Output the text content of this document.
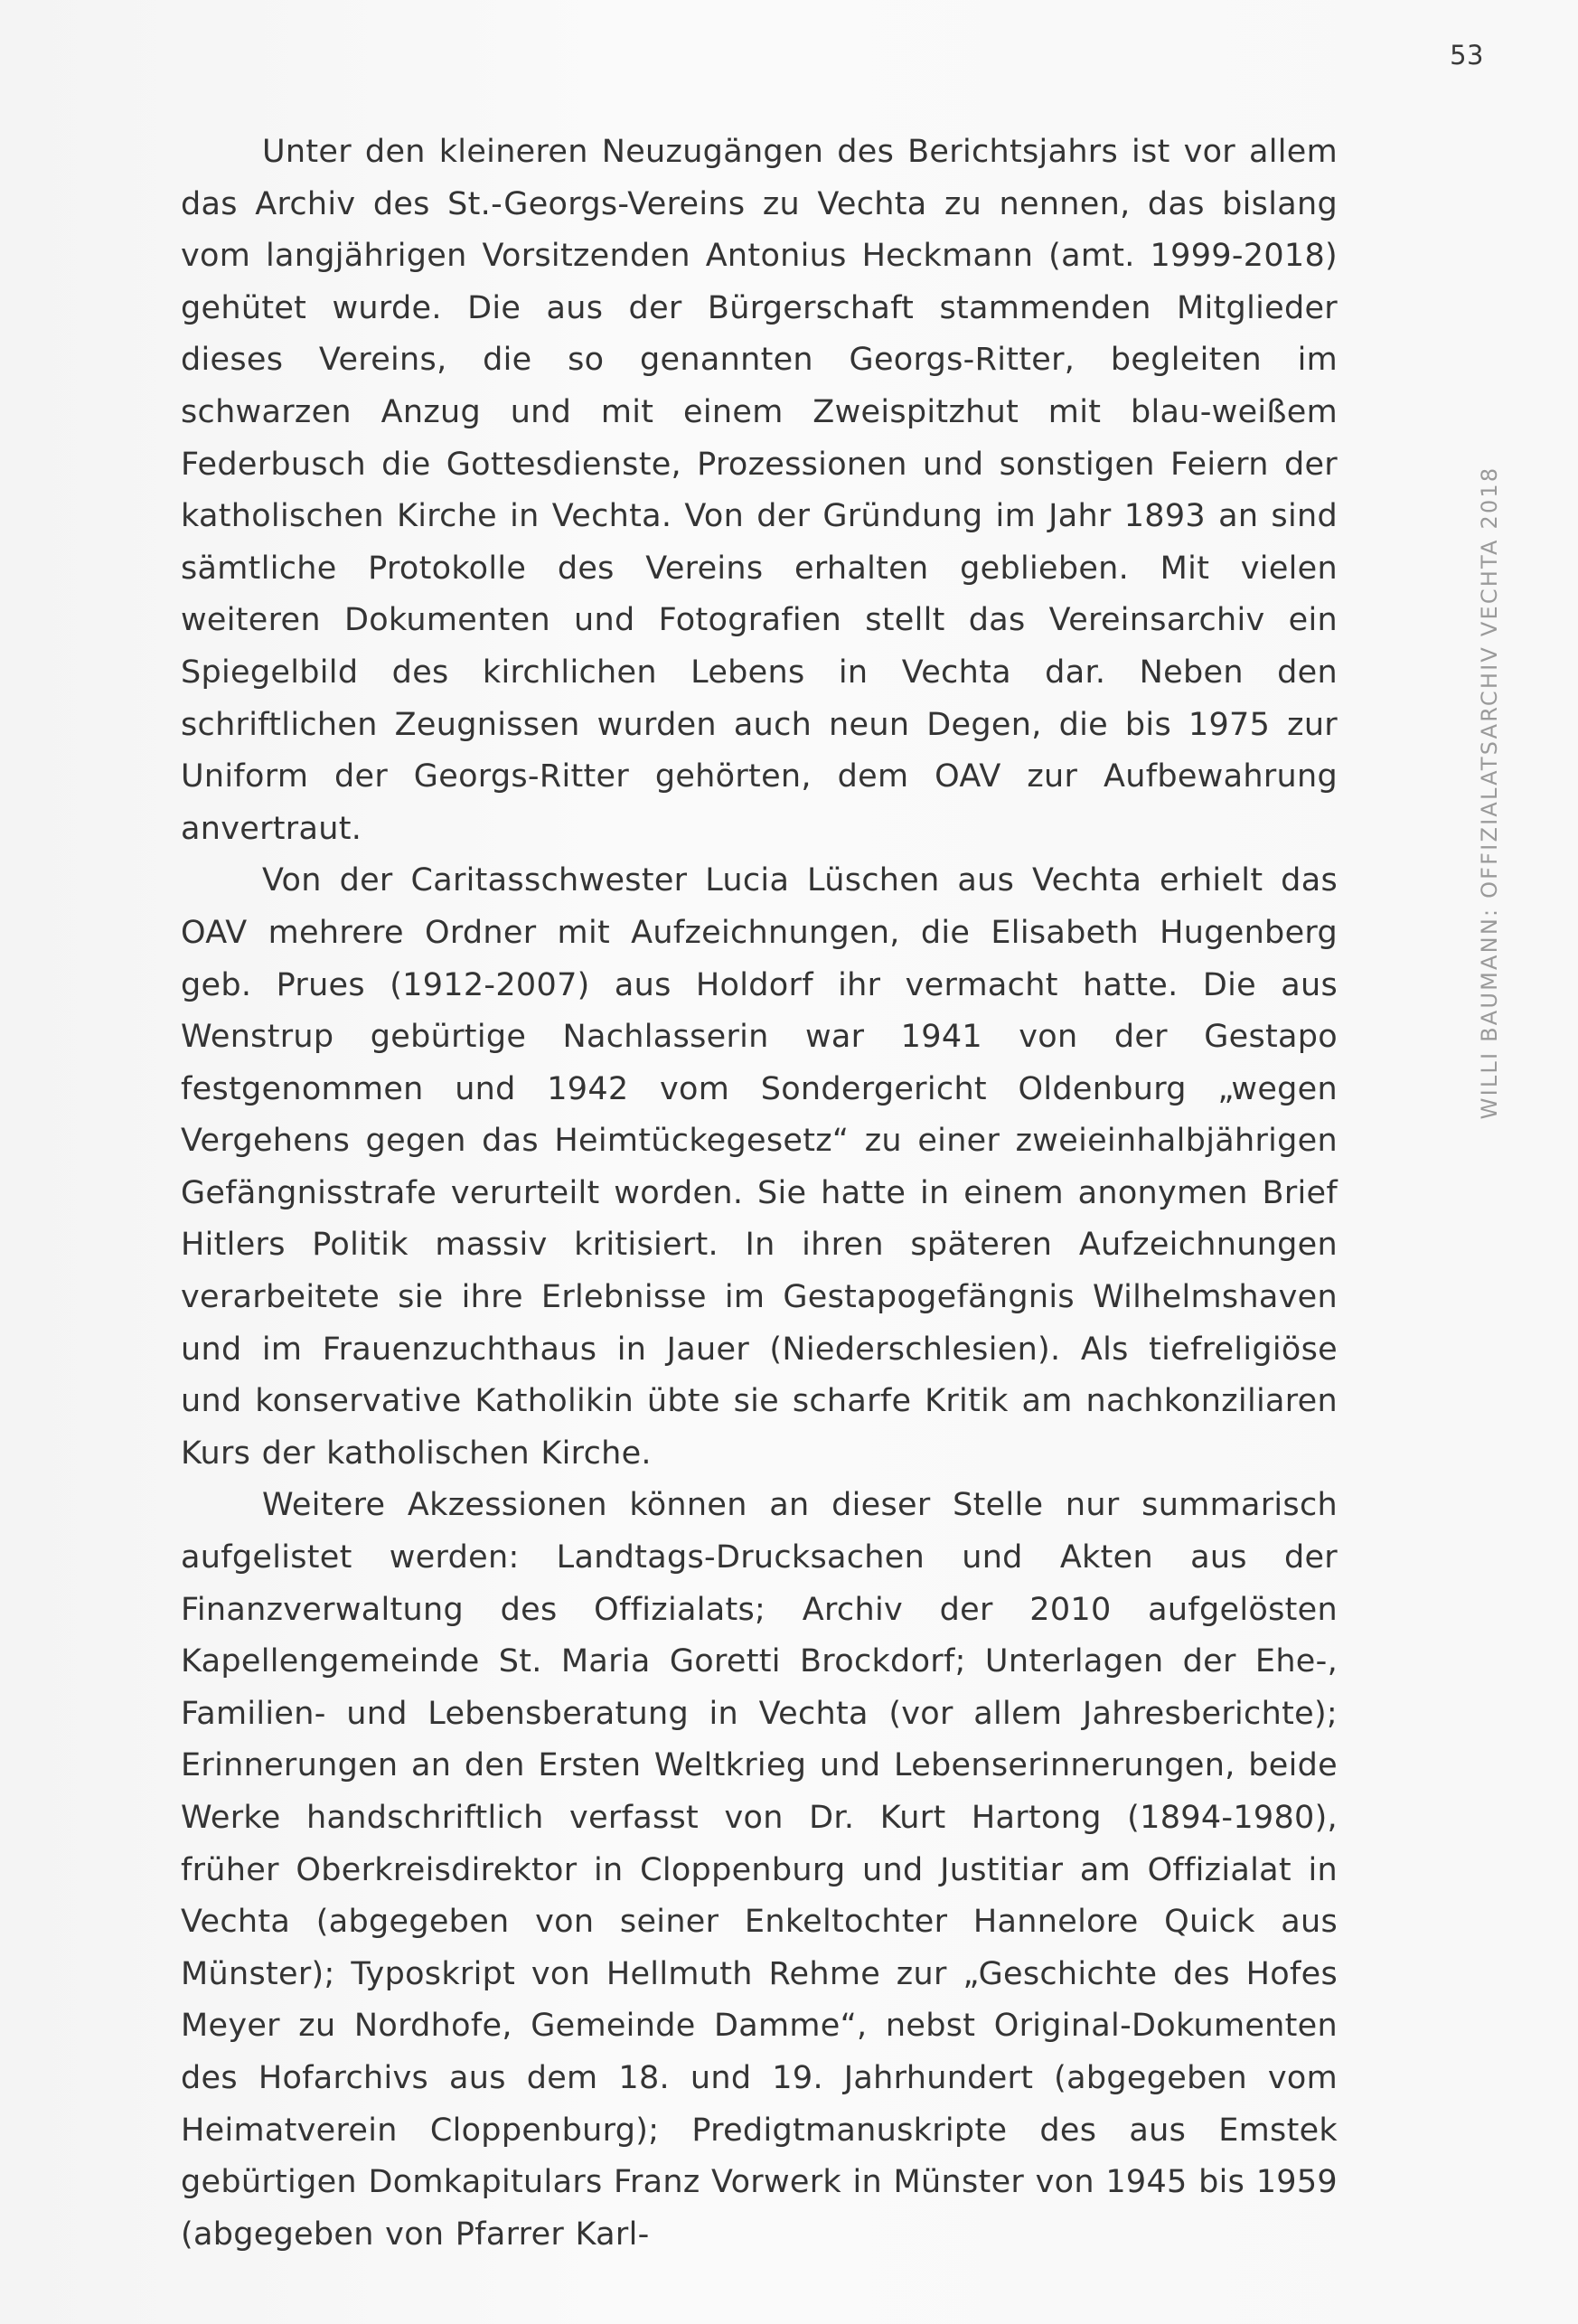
53
WILLI BAUMANN: OFFIZIALATSARCHIV VECHTA 2018

Unter den kleineren Neuzugängen des Berichtsjahrs ist vor allem das Archiv des St.-Georgs-Vereins zu Vechta zu nennen, das bislang vom langjährigen Vorsitzenden Antonius Heckmann (amt. 1999-2018) gehütet wurde. Die aus der Bürgerschaft stammenden Mitglieder dieses Vereins, die so genannten Georgs-Ritter, begleiten im schwarzen Anzug und mit einem Zweispitzhut mit blau-weißem Federbusch die Gottesdienste, Prozessionen und sonstigen Feiern der katholischen Kirche in Vechta. Von der Gründung im Jahr 1893 an sind sämtliche Protokolle des Vereins erhalten geblieben. Mit vielen weiteren Dokumenten und Fotografien stellt das Vereinsarchiv ein Spiegelbild des kirchlichen Lebens in Vechta dar. Neben den schriftlichen Zeugnissen wurden auch neun Degen, die bis 1975 zur Uniform der Georgs-Ritter gehörten, dem OAV zur Aufbewahrung anvertraut.

Von der Caritasschwester Lucia Lüschen aus Vechta erhielt das OAV mehrere Ordner mit Aufzeichnungen, die Elisabeth Hugenberg geb. Prues (1912-2007) aus Holdorf ihr vermacht hatte. Die aus Wenstrup gebürtige Nachlasserin war 1941 von der Gestapo festgenommen und 1942 vom Sondergericht Oldenburg „wegen Vergehens gegen das Heimtückegesetz“ zu einer zweieinhalbjährigen Gefängnisstrafe verurteilt worden. Sie hatte in einem anonymen Brief Hitlers Politik massiv kritisiert. In ihren späteren Aufzeichnungen verarbeitete sie ihre Erlebnisse im Gestapogefängnis Wilhelmshaven und im Frauenzuchthaus in Jauer (Niederschlesien). Als tiefreligiöse und konservative Katholikin übte sie scharfe Kritik am nachkonziliaren Kurs der katholischen Kirche.

Weitere Akzessionen können an dieser Stelle nur summarisch aufgelistet werden: Landtags-Drucksachen und Akten aus der Finanzverwaltung des Offizialats; Archiv der 2010 aufgelösten Kapellengemeinde St. Maria Goretti Brockdorf; Unterlagen der Ehe-, Familien- und Lebensberatung in Vechta (vor allem Jahresberichte); Erinnerungen an den Ersten Weltkrieg und Lebenserinnerungen, beide Werke handschriftlich verfasst von Dr. Kurt Hartong (1894-1980), früher Oberkreisdirektor in Cloppenburg und Justitiar am Offizialat in Vechta (abgegeben von seiner Enkeltochter Hannelore Quick aus Münster); Typoskript von Hellmuth Rehme zur „Geschichte des Hofes Meyer zu Nordhofe, Gemeinde Damme“, nebst Original-Dokumenten des Hofarchivs aus dem 18. und 19. Jahrhundert (abgegeben vom Heimatverein Cloppenburg); Predigtmanuskripte des aus Emstek gebürtigen Domkapitulars Franz Vorwerk in Münster von 1945 bis 1959 (abgegeben von Pfarrer Karl-
